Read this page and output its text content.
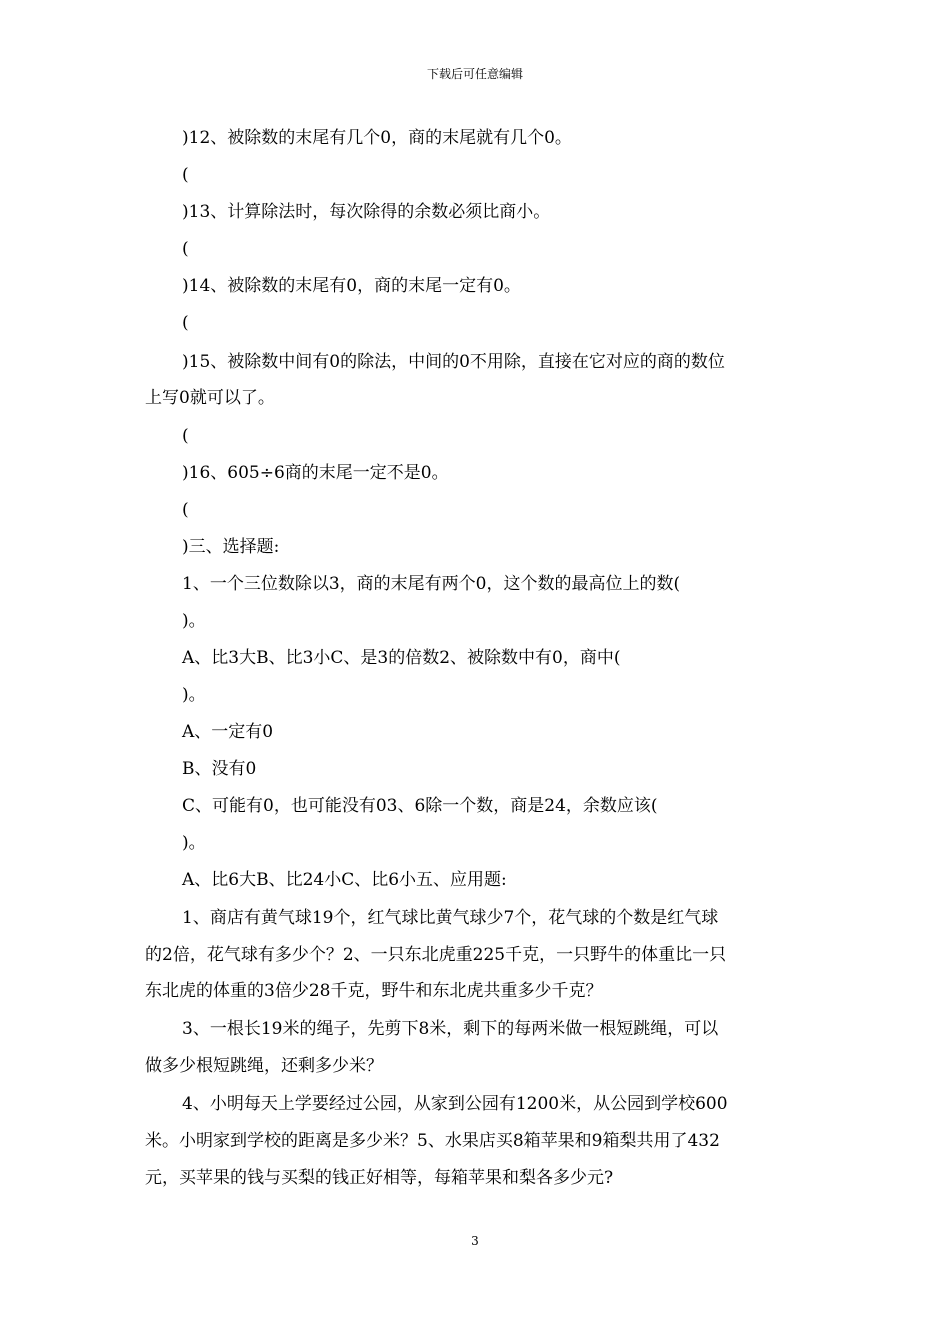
下载后可任意编辑
)12、被除数的末尾有几个0，商的末尾就有几个0。
(
)13、计算除法时，每次除得的余数必须比商小。
(
)14、被除数的末尾有0，商的末尾一定有0。
(
)15、被除数中间有0的除法，中间的0不用除，直接在它对应的商的数位
上写0就可以了。
(
)16、605÷6商的末尾一定不是0。
(
)三、选择题:
1、一个三位数除以3，商的末尾有两个0，这个数的最高位上的数(
)。
A、比3大B、比3小C、是3的倍数2、被除数中有0，商中(
)。
A、一定有0
B、没有0
C、可能有0，也可能没有03、6除一个数，商是24，余数应该(
)。
A、比6大B、比24小C、比6小五、应用题:
1、商店有黄气球19个，红气球比黄气球少7个，花气球的个数是红气球
的2倍，花气球有多少个？2、一只东北虎重225千克，一只野牛的体重比一只
东北虎的体重的3倍少28千克，野牛和东北虎共重多少千克？
3、一根长19米的绳子，先剪下8米，剩下的每两米做一根短跳绳，可以
做多少根短跳绳，还剩多少米？
4、小明每天上学要经过公园，从家到公园有1200米，从公园到学校600
米。小明家到学校的距离是多少米？5、水果店买8箱苹果和9箱梨共用了432
元，买苹果的钱与买梨的钱正好相等，每箱苹果和梨各多少元?
3
